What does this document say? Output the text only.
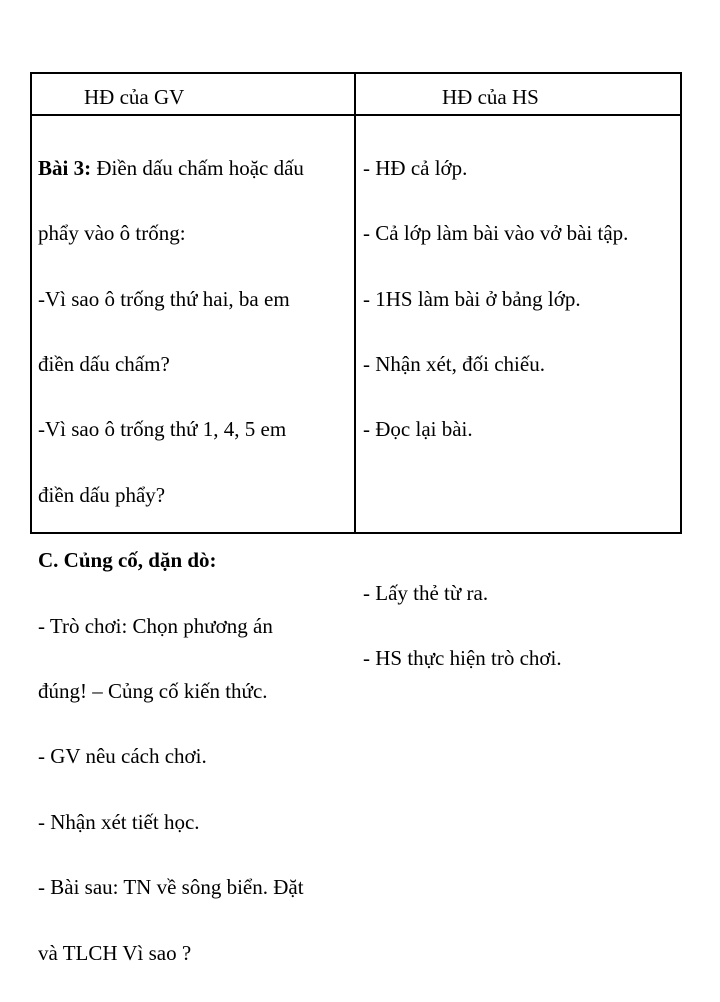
HĐ của GV	HĐ của HS

Bài 3: Điền dấu chấm hoặc dấu

phẩy vào ô trống:

-Vì sao ô trống thứ hai, ba em

điền dấu chấm?

-Vì sao ô trống thứ 1, 4, 5 em

điền dấu phẩy?

C. Củng cố, dặn dò:

- Trò chơi: Chọn phương án

đúng! – Củng cố kiến thức.

- GV nêu cách chơi.

- Nhận xét tiết học.

- Bài sau: TN về sông biển. Đặt

và TLCH Vì sao ?

- HĐ cả lớp.

- Cả lớp làm bài vào vở bài tập.

- 1HS làm bài ở bảng lớp.

- Nhận xét, đối chiếu.

- Đọc lại bài.

- Lấy thẻ từ ra.

- HS thực hiện trò chơi.
